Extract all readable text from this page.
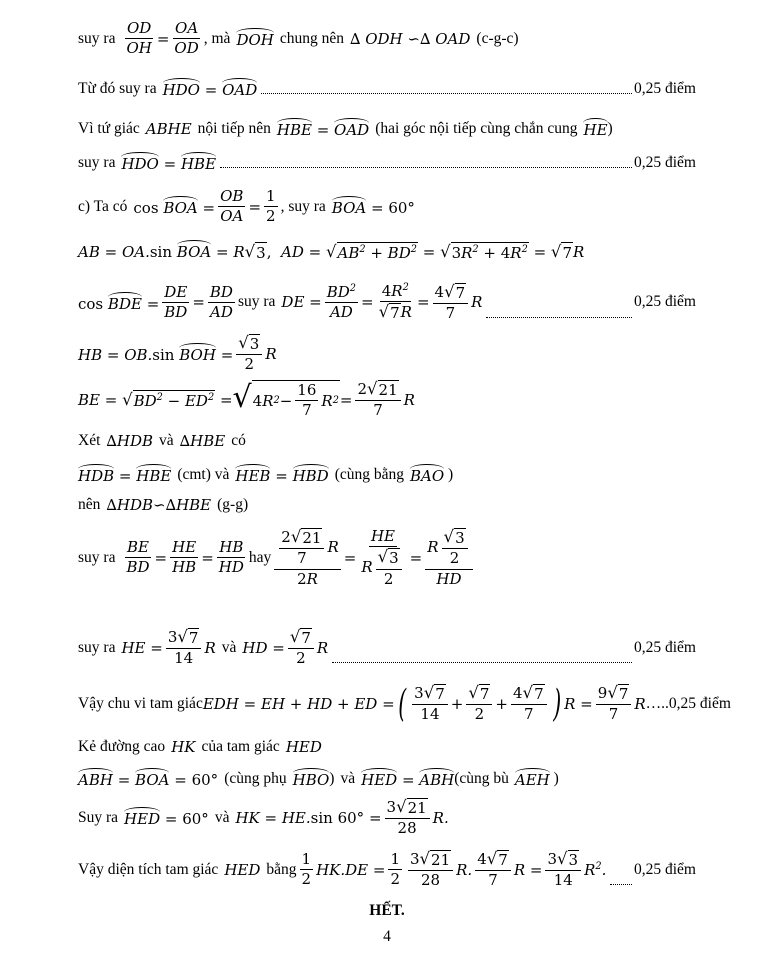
suy ra $\frac{OD}{OH} = \frac{OA}{OD}$ , mà DOH chung nên ∆ ODH ∽∆ OAD (c-g-c)
Từ đó suy ra HDO = OAD	0,25 điểm
Vì tứ giác ABHE nội tiếp nên HBE = OAD (hai góc nội tiếp cùng chắn cung HE )
suy ra HDO = HBE	0,25 điểm
c) Ta có cos BOA = $\frac{OB}{OA} = \frac{1}{2}$ , suy ra BOA = 60°
AB = OA.sin BOA = R √ 3 ,  AD = √ $AB^2 + BD^2$ = √ $3R^2 + 4R^2$ = √ 7 R
cos BDE = $\frac{DE}{BD} = \frac{BD}{AD}$ suy ra DE = $\frac{BD^2}{AD} = \frac{4R^2}{√ 7 R} = \frac{4 √ 7}{7}$ R	0,25 điểm
HB = OB.sin BOH = $\frac{√ 3}{2}$ R
BE = √ $BD^2 - ED^2$ = √ 4 R $2 - \frac{16}{7}$ R $2 = \frac{2 √ 21}{7}$ R
Xét ∆HDB và ∆HBE có
HDB = HBE (cmt) và HEB = HBD (cùng bằng BAO )
nên ∆HDB∽∆HBE (g-g)
suy ra $\frac{BE}{BD} = \frac{HE}{HB} = \frac{HB}{HD}$ hay $\frac{\frac{2 √ 21}{7} R}{2R} = \frac{HE}{R \frac{√ 3}{2}} = \frac{R \frac{√ 3}{2}}{HD}$
suy ra HE = $\frac{3 √ 7}{14}$ R và HD = $\frac{√ 7}{2}$ R	0,25 điểm
Vậy chu vi tam giác EDH = EH + HD + ED = ( $\frac{3 √ 7}{14} + \frac{√ 7}{2} + \frac{4 √ 7}{7}$ ) $R = \frac{9 √ 7}{7}$ R …..0,25 điểm
Kẻ đường cao HK của tam giác HED
ABH = BOA = 60° (cùng phụ HBO ) và HED = ABH (cùng bù AEH )
Suy ra HED = 60° và HK = HE.sin $60^\circ = \frac{3 √ 21}{28} R$.
Vậy diện tích tam giác HED bằng $\frac{1}{2} HK.DE = \frac{1}{2} \frac{3 √ 21}{28} R$. $\frac{4 √ 7}{7}$ $R = \frac{3 √ 3}{14} R^2$. 0,25 điểm
HẾT.
4
